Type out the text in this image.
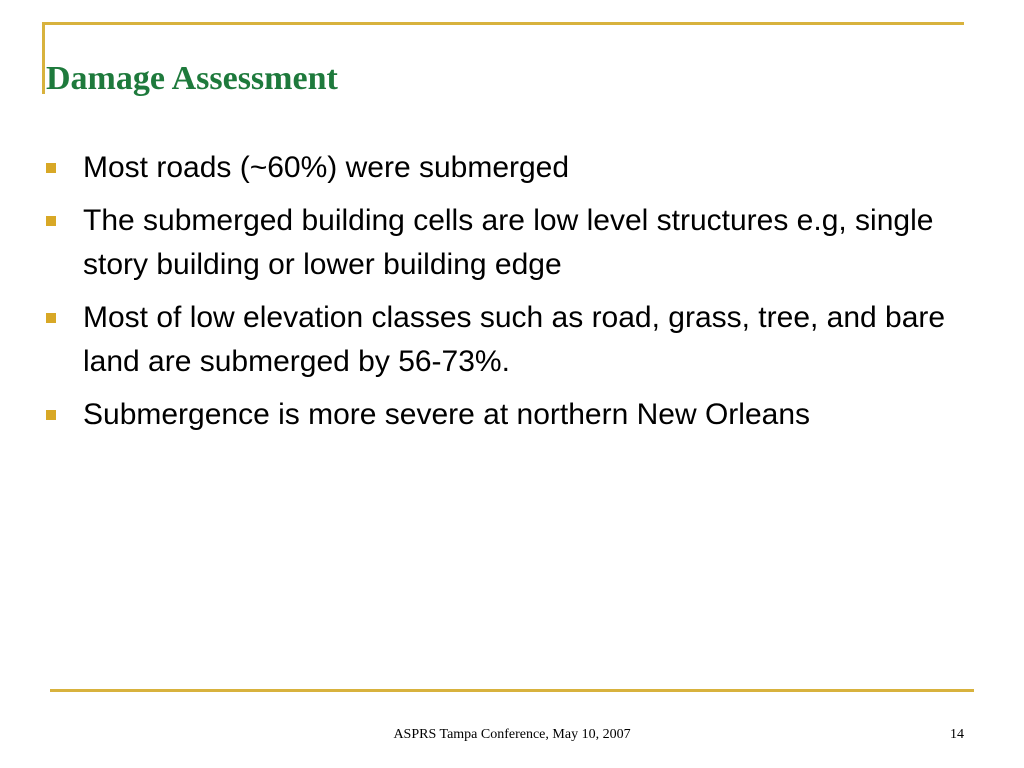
Damage Assessment
Most roads (~60%) were submerged
The submerged building cells are low level structures e.g, single story building or lower building edge
Most of low elevation classes such as road, grass, tree, and bare land are submerged by 56-73%.
Submergence is more severe at northern New Orleans
ASPRS Tampa Conference, May 10, 2007	14
